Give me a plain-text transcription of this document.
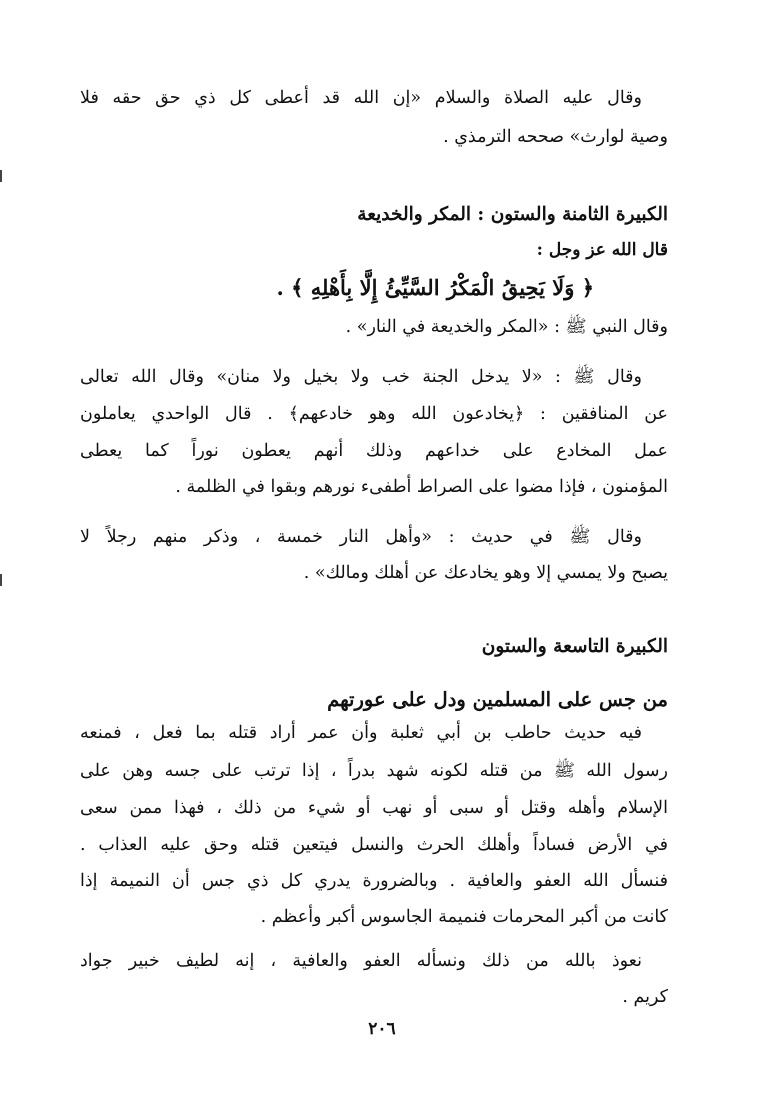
وقال عليه الصلاة والسلام «إن الله قد أعطى كل ذي حق حقه فلا
وصية لوارث» صححه الترمذي .
الكبيرة الثامنة والستون : المكر والخديعة
قال الله عز وجل :
﴿ وَلَا يَحِيقُ الْمَكْرُ السَّيِّئُ إِلَّا بِأَهْلِهِ ﴾ .
وقال النبي ﷺ : «المكر والخديعة في النار» .
وقال ﷺ : «لا يدخل الجنة خب ولا بخيل ولا منان» وقال الله تعالى
عن المنافقين : ﴿يخادعون الله وهو خادعهم﴾ . قال الواحدي يعاملون
عمل المخادع على خداعهم وذلك أنهم يعطون نوراً كما يعطى
المؤمنون ، فإذا مضوا على الصراط أطفىء نورهم وبقوا في الظلمة .
وقال ﷺ في حديث : «وأهل النار خمسة ، وذكر منهم رجلاً لا
يصبح ولا يمسي إلا وهو يخادعك عن أهلك ومالك» .
الكبيرة التاسعة والستون
من جس على المسلمين ودل على عورتهم
فيه حديث حاطب بن أبي ثعلبة وأن عمر أراد قتله بما فعل ، فمنعه
رسول الله ﷺ من قتله لكونه شهد بدراً ، إذا ترتب على جسه وهن على
الإسلام وأهله وقتل أو سبى أو نهب أو شيء من ذلك ، فهذا ممن سعى
في الأرض فساداً وأهلك الحرث والنسل فيتعين قتله وحق عليه العذاب .
فنسأل الله العفو والعافية . وبالضرورة يدري كل ذي جس أن النميمة إذا
كانت من أكبر المحرمات فنميمة الجاسوس أكبر وأعظم .
نعوذ بالله من ذلك ونسأله العفو والعافية ، إنه لطيف خبير جواد
كريم .
٢٠٦
